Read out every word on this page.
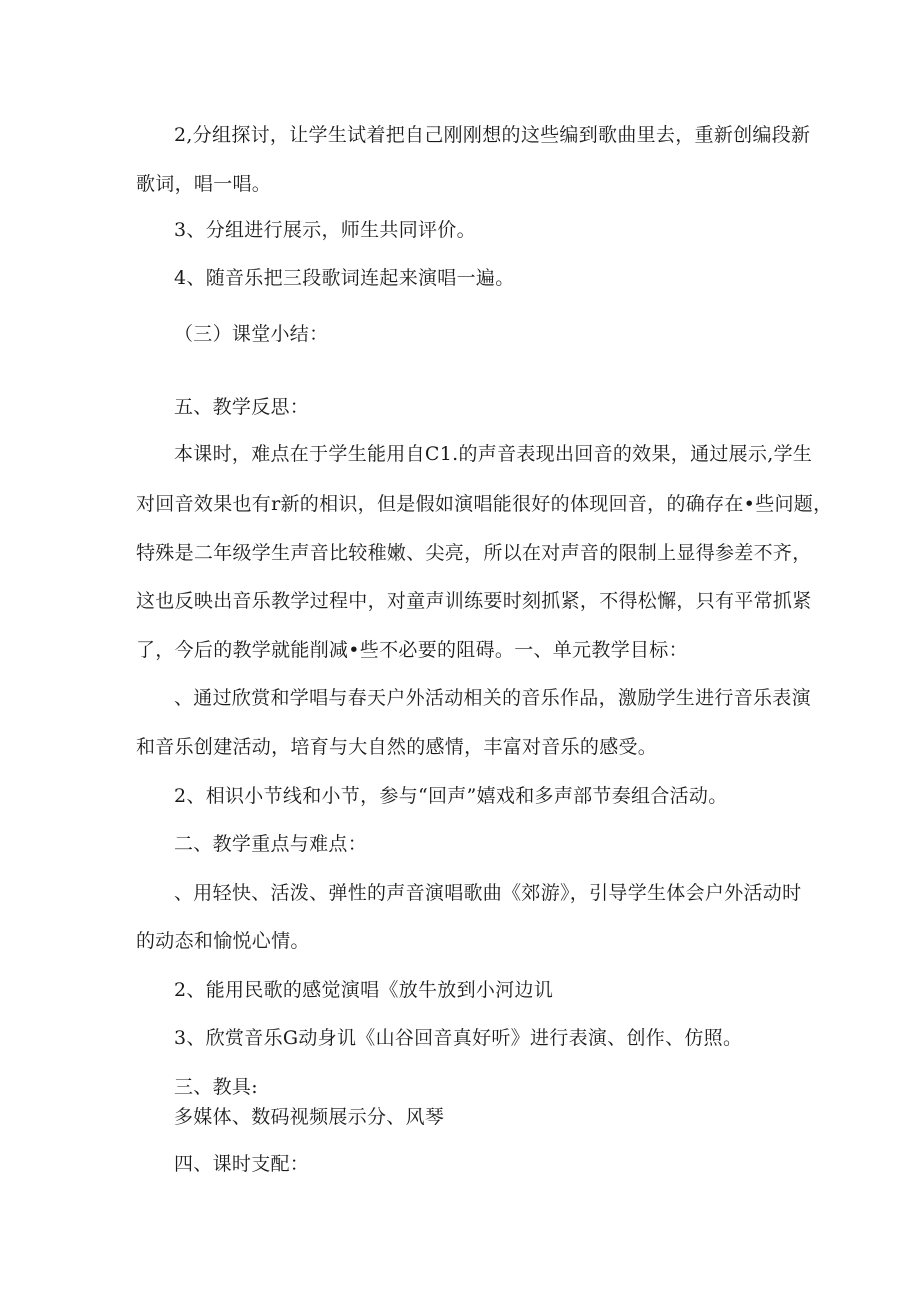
2,分组探讨，让学生试着把自己刚刚想的这些编到歌曲里去，重新创编段新
歌词，唱一唱。
3、分组进行展示，师生共同评价。
4、随音乐把三段歌词连起来演唱一遍。
（三）课堂小结：
五、教学反思：
本课时，难点在于学生能用自C1.的声音表现出回音的效果，通过展示,学生
对回音效果也有r新的相识，但是假如演唱能很好的体现回音，的确存在•些问题，
特殊是二年级学生声音比较稚嫩、尖亮，所以在对声音的限制上显得参差不齐，
这也反映出音乐教学过程中，对童声训练要时刻抓紧，不得松懈，只有平常抓紧
了，今后的教学就能削减•些不必要的阻碍。一、单元教学目标：
、通过欣赏和学唱与春天户外活动相关的音乐作品，激励学生进行音乐表演
和音乐创建活动，培育与大自然的感情，丰富对音乐的感受。
2、相识小节线和小节，参与“回声”嬉戏和多声部节奏组合活动。
二、教学重点与难点：
、用轻快、活泼、弹性的声音演唱歌曲《郊游》，引导学生体会户外活动时
的动态和愉悦心情。
2、能用民歌的感觉演唱《放牛放到小河边讥
3、欣赏音乐G动身讥《山谷回音真好听》进行表演、创作、仿照。
三、教具:
多媒体、数码视频展示分、风琴
四、课时支配：
